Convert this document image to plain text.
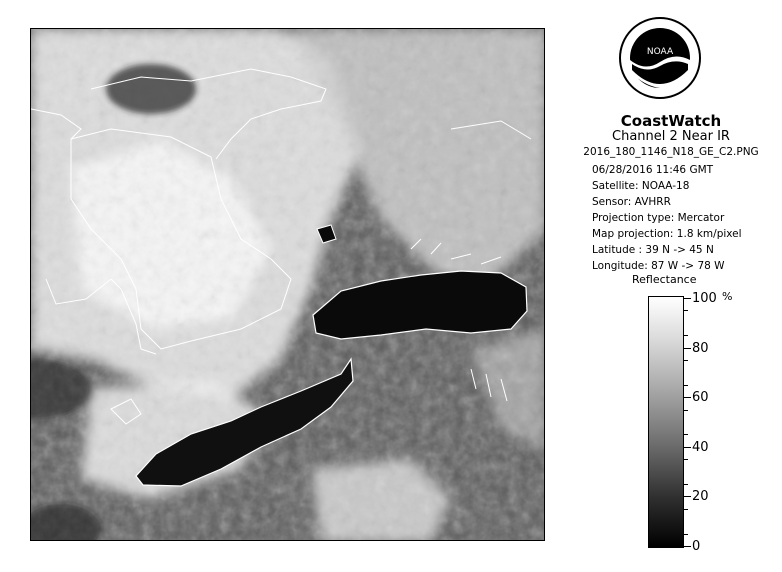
NOAA
CoastWatch
Channel 2 Near IR
2016_180_1146_N18_GE_C2.PNG
06/28/2016 11:46 GMT
Satellite: NOAA-18
Sensor: AVHRR
Projection type: Mercator
Map projection: 1.8 km/pixel
Latitude : 39 N -> 45 N
Longitude: 87 W -> 78 W
Reflectance
%
100
80
60
40
20
0
